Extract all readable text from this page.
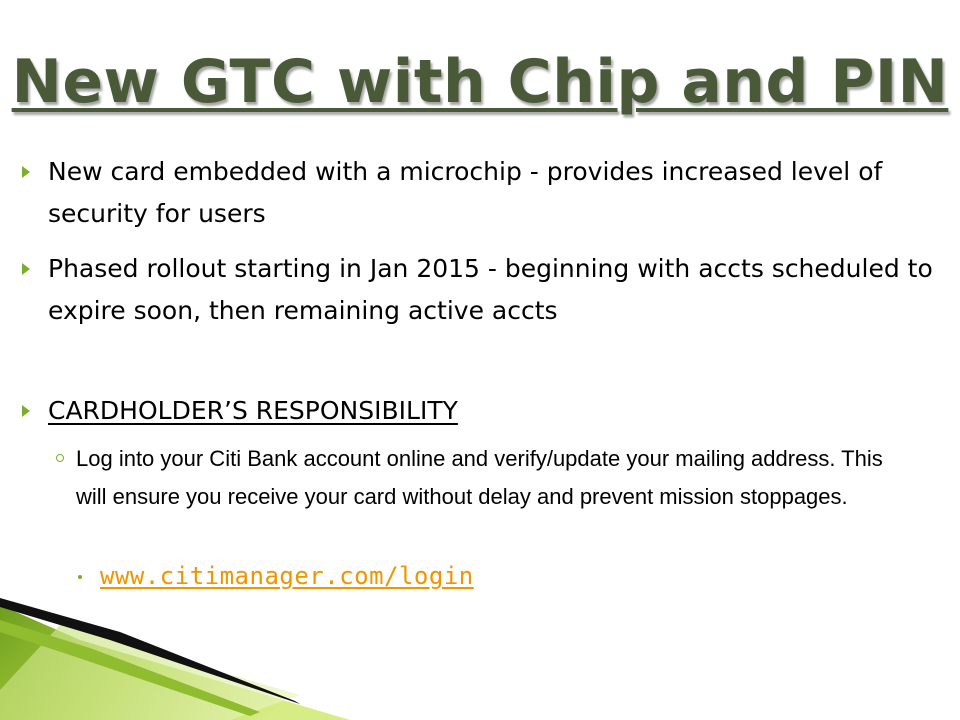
New GTC with Chip and PIN
New card embedded with a microchip - provides increased level of security for users
Phased rollout starting in Jan 2015 - beginning with accts scheduled to expire soon, then remaining active accts
CARDHOLDER’S RESPONSIBILITY
Log into your Citi Bank account online and verify/update your mailing address. This will ensure you receive your card without delay and prevent mission stoppages.
www.citimanager.com/login
